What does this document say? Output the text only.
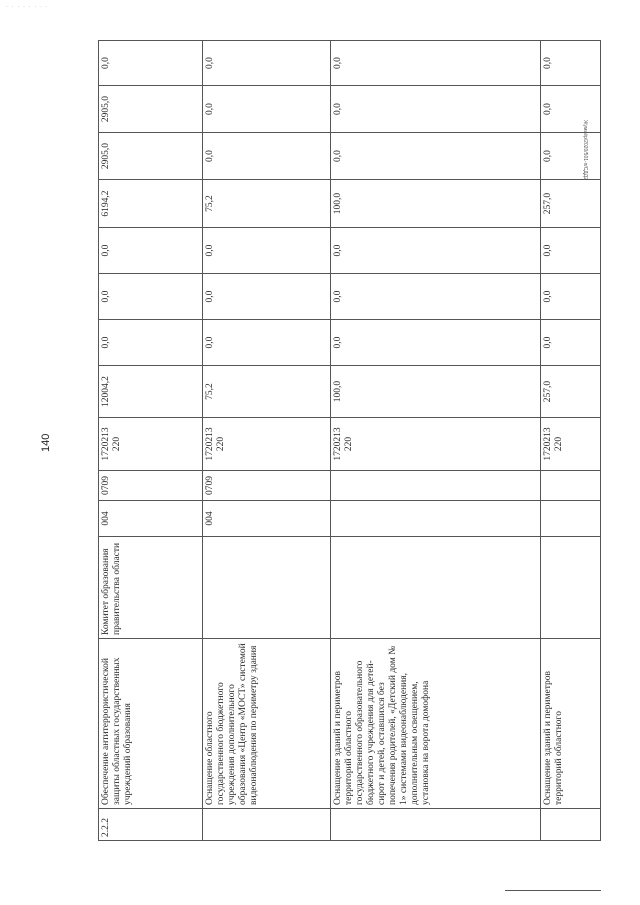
· · · · · · · ·
140
Жумаёр/2020/501-п/СДД2
2.2.2	Обеспечение антитеррористической защиты областных государственных учреждений образования	Комитет образования правительства области	004	0709	1720213 220	12004,2	0,0	0,0	0,0	6194,2	2905,0	2905,0	0,0
	Оснащение областного государственного бюджетного учреждения дополнительного образования «Центр «МОСТ» системой видеонаблюдения по периметру здания		004	0709	1720213 220	75,2	0,0	0,0	0,0	75,2	0,0	0,0	0,0
	Оснащение зданий и периметров территорий областного государственного образовательного бюджетного учреждения для детей-сирот и детей, оставшихся без попечения родителей, «Детский дом № 1» системами видеонаблюдения, дополнительным освещением, установка на ворота домофона				1720213 220	100,0	0,0	0,0	0,0	100,0	0,0	0,0	0,0
	Оснащение зданий и периметров территорий областного				1720213 220	257,0	0,0	0,0	0,0	257,0	0,0	0,0	0,0
